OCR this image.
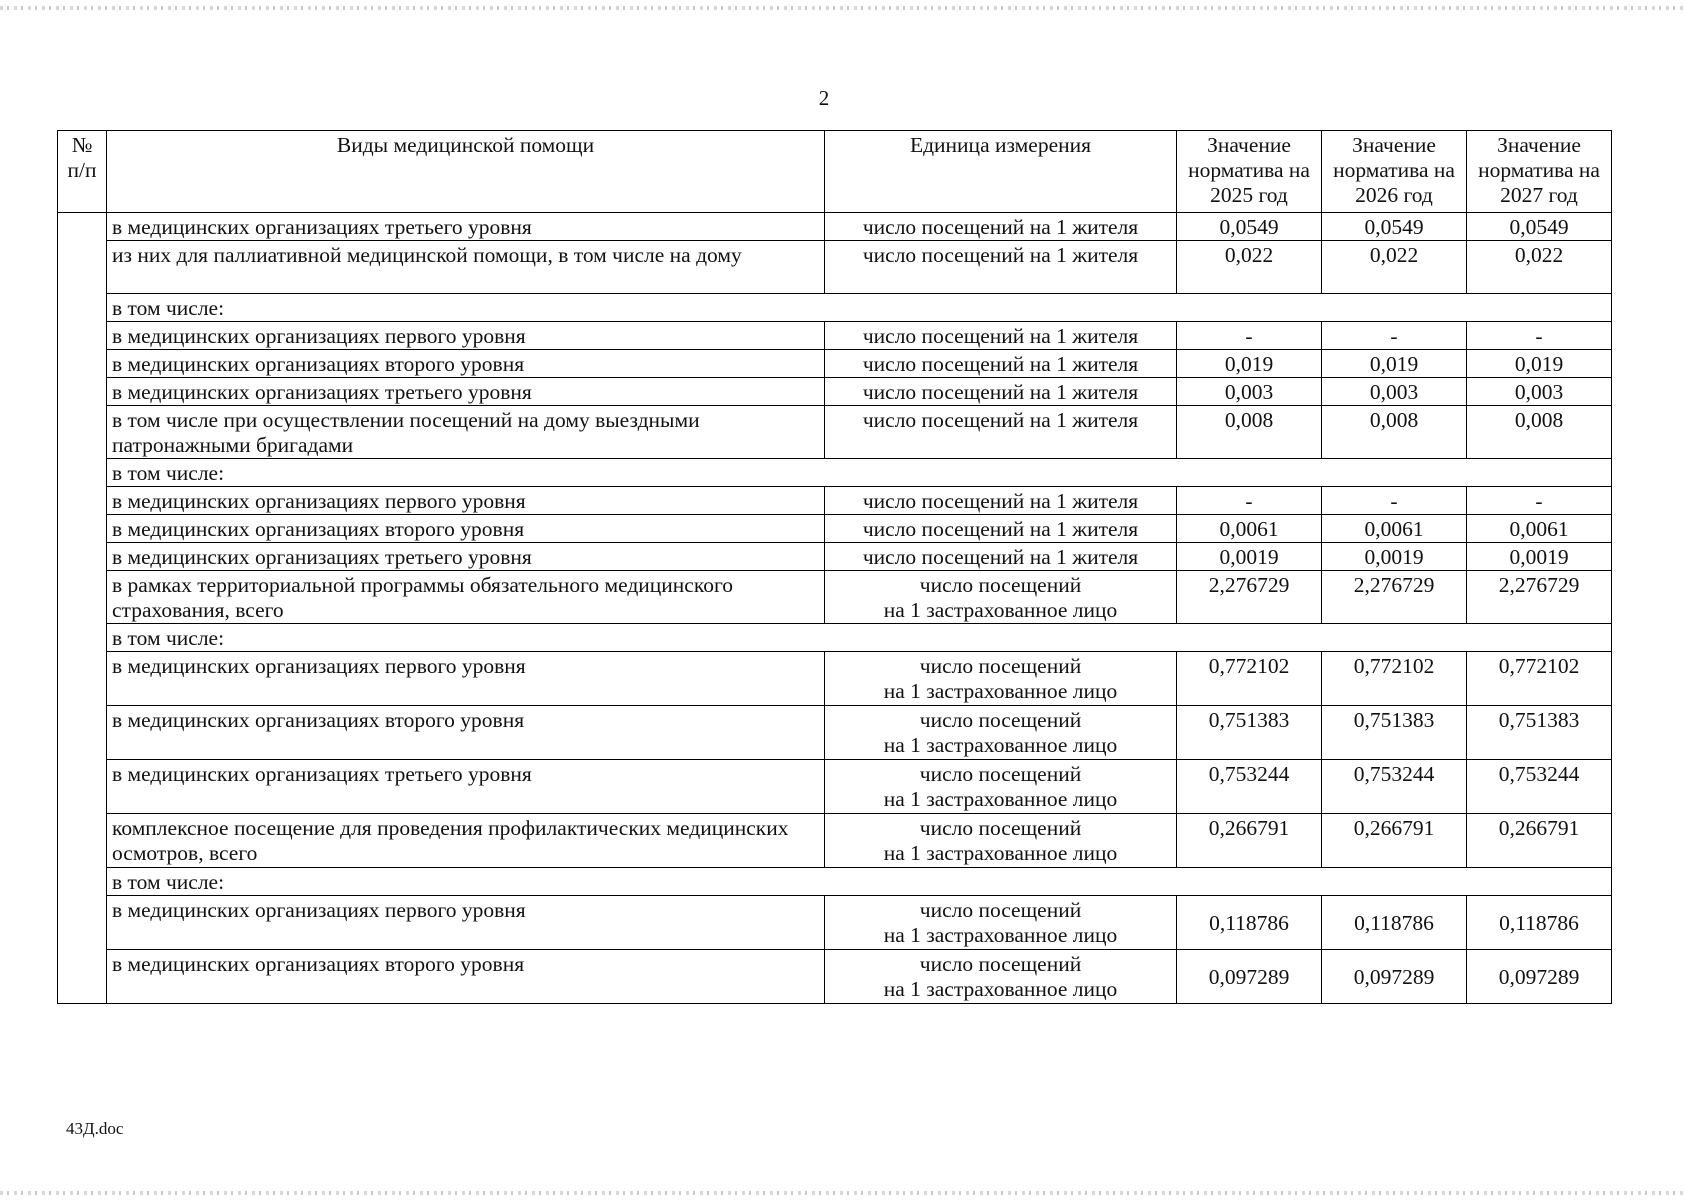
2
№ п/п	Виды медицинской помощи	Единица измерения	Значение норматива на 2025 год	Значение норматива на 2026 год	Значение норматива на 2027 год
	в медицинских организациях третьего уровня	число посещений на 1 жителя	0,0549	0,0549	0,0549
	из них для паллиативной медицинской помощи, в том числе на дому	число посещений на 1 жителя	0,022	0,022	0,022
	в том числе:				
	в медицинских организациях первого уровня	число посещений на 1 жителя	-	-	-
	в медицинских организациях второго уровня	число посещений на 1 жителя	0,019	0,019	0,019
	в медицинских организациях третьего уровня	число посещений на 1 жителя	0,003	0,003	0,003
	в том числе при осуществлении посещений на дому выездными патронажными бригадами	число посещений на 1 жителя	0,008	0,008	0,008
	в том числе:				
	в медицинских организациях первого уровня	число посещений на 1 жителя	-	-	-
	в медицинских организациях второго уровня	число посещений на 1 жителя	0,0061	0,0061	0,0061
	в медицинских организациях третьего уровня	число посещений на 1 жителя	0,0019	0,0019	0,0019
	в рамках территориальной программы обязательного медицинского страхования, всего	число посещений
на 1 застрахованное лицо	2,276729	2,276729	2,276729
	в том числе:				
	в медицинских организациях первого уровня	число посещений
на 1 застрахованное лицо	0,772102	0,772102	0,772102
	в медицинских организациях второго уровня	число посещений
на 1 застрахованное лицо	0,751383	0,751383	0,751383
	в медицинских организациях третьего уровня	число посещений
на 1 застрахованное лицо	0,753244	0,753244	0,753244
	комплексное посещение для проведения профилактических медицинских осмотров, всего	число посещений
на 1 застрахованное лицо	0,266791	0,266791	0,266791
	в том числе:				
	в медицинских организациях первого уровня	число посещений
на 1 застрахованное лицо	0,118786	0,118786	0,118786
	в медицинских организациях второго уровня	число посещений
на 1 застрахованное лицо	0,097289	0,097289	0,097289
43Д.doc
